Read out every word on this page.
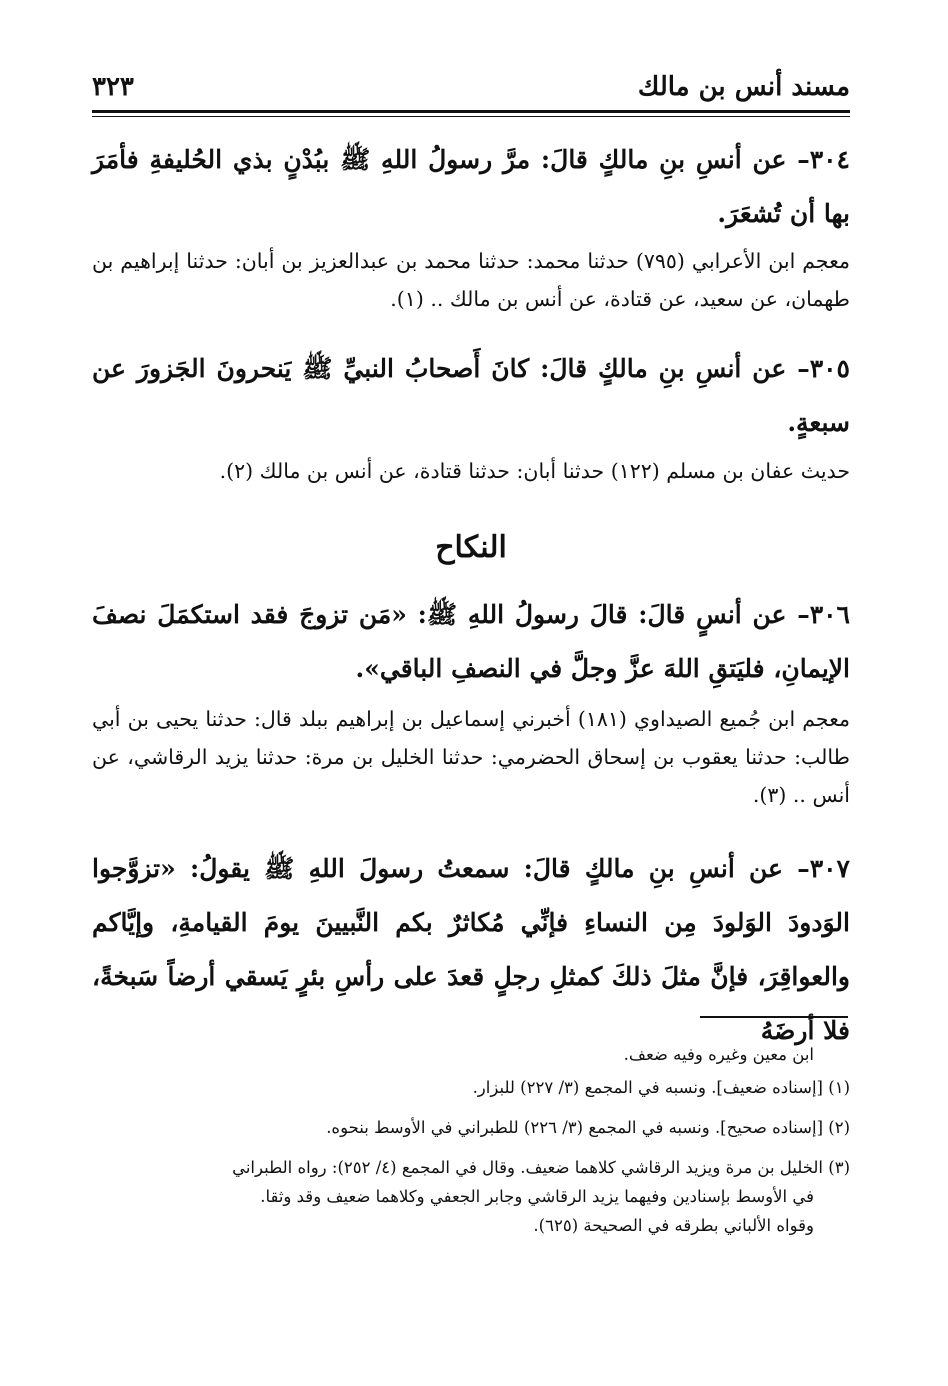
مسند أنس بن مالك
٣٢٣
٣٠٤– عن أنسِ بنِ مالكٍ قالَ: مرَّ رسولُ اللهِ ﷺ ببُدْنٍ بذي الحُليفةِ فأمَرَ بها أن تُشعَرَ.
معجم ابن الأعرابي (٧٩٥) حدثنا محمد: حدثنا محمد بن عبدالعزيز بن أبان: حدثنا إبراهيم بن طهمان، عن سعيد، عن قتادة، عن أنس بن مالك .. (١).
٣٠٥– عن أنسِ بنِ مالكٍ قالَ: كانَ أَصحابُ النبيِّ ﷺ يَنحرونَ الجَزورَ عن سبعةٍ.
حديث عفان بن مسلم (١٢٢) حدثنا أبان: حدثنا قتادة، عن أنس بن مالك (٢).
النكاح
٣٠٦– عن أنسٍ قالَ: قالَ رسولُ اللهِ ﷺ: «مَن تزوجَ فقد استكمَلَ نصفَ الإيمانِ، فليَتقِ اللهَ عزَّ وجلَّ في النصفِ الباقي».
معجم ابن جُميع الصيداوي (١٨١) أخبرني إسماعيل بن إبراهيم ببلد قال: حدثنا يحيى بن أبي طالب: حدثنا يعقوب بن إسحاق الحضرمي: حدثنا الخليل بن مرة: حدثنا يزيد الرقاشي، عن أنس .. (٣).
٣٠٧– عن أنسِ بنِ مالكٍ قالَ: سمعتُ رسولَ اللهِ ﷺ يقولُ: «تزوَّجوا الوَدودَ الوَلودَ مِن النساءِ فإنِّي مُكاثرٌ بكم النَّبيينَ يومَ القيامةِ، وإيَّاكم والعواقِرَ، فإنَّ مثلَ ذلكَ كمثلِ رجلٍ قعدَ على رأسِ بئرٍ يَسقي أرضاً سَبخةً، فلا أرضَهُ
ابن معين وغيره وفيه ضعف.
(١) [إسناده ضعيف]. ونسبه في المجمع (٣/ ٢٢٧) للبزار.
(٢) [إسناده صحيح]. ونسبه في المجمع (٣/ ٢٢٦) للطبراني في الأوسط بنحوه.
(٣) الخليل بن مرة ويزيد الرقاشي كلاهما ضعيف. وقال في المجمع (٤/ ٢٥٢): رواه الطبراني
في الأوسط بإسنادين وفيهما يزيد الرقاشي وجابر الجعفي وكلاهما ضعيف وقد وثقا.
وقواه الألباني بطرقه في الصحيحة (٦٢٥).
